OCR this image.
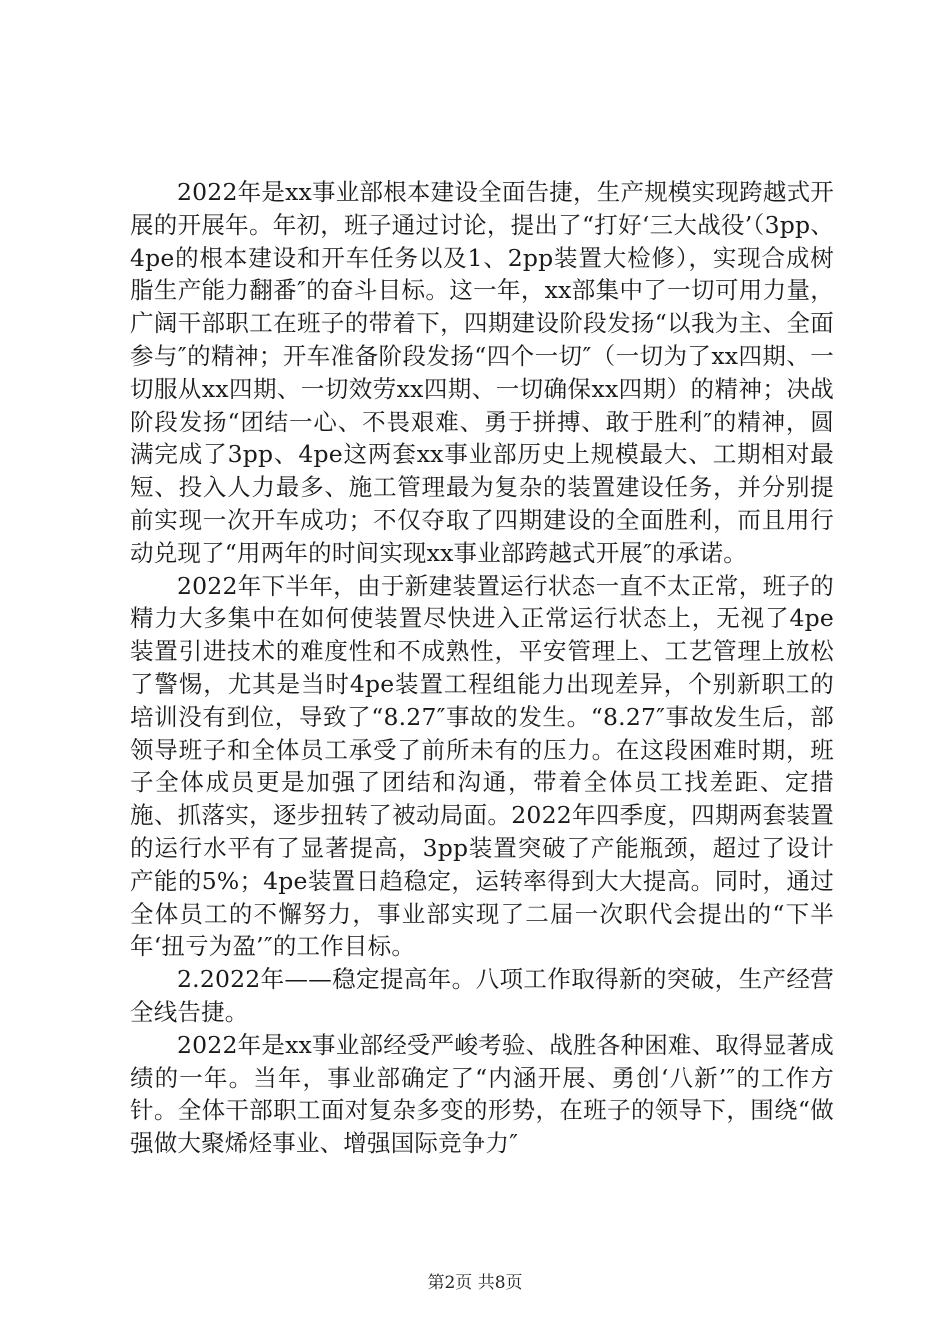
2022年是xx事业部根本建设全面告捷，生产规模实现跨越式开展的开展年。年初，班子通过讨论，提出了“打好‘三大战役’（3pp、4pe的根本建设和开车任务以及1、2pp装置大检修），实现合成树脂生产能力翻番″的奋斗目标。这一年，xx部集中了一切可用力量，广阔干部职工在班子的带着下，四期建设阶段发扬“以我为主、全面参与″的精神；开车准备阶段发扬“四个一切″（一切为了xx四期、一切服从xx四期、一切效劳xx四期、一切确保xx四期）的精神；决战阶段发扬“团结一心、不畏艰难、勇于拼搏、敢于胜利″的精神，圆满完成了3pp、4pe这两套xx事业部历史上规模最大、工期相对最短、投入人力最多、施工管理最为复杂的装置建设任务，并分别提前实现一次开车成功；不仅夺取了四期建设的全面胜利，而且用行动兑现了“用两年的时间实现xx事业部跨越式开展″的承诺。

2022年下半年，由于新建装置运行状态一直不太正常，班子的精力大多集中在如何使装置尽快进入正常运行状态上，无视了4pe装置引进技术的难度性和不成熟性，平安管理上、工艺管理上放松了警惕，尤其是当时4pe装置工程组能力出现差异，个别新职工的培训没有到位，导致了“8.27″事故的发生。“8.27″事故发生后，部领导班子和全体员工承受了前所未有的压力。在这段困难时期，班子全体成员更是加强了团结和沟通，带着全体员工找差距、定措施、抓落实，逐步扭转了被动局面。2022年四季度，四期两套装置的运行水平有了显著提高，3pp装置突破了产能瓶颈，超过了设计产能的5%；4pe装置日趋稳定，运转率得到大大提高。同时，通过全体员工的不懈努力，事业部实现了二届一次职代会提出的“下半年‘扭亏为盈’″的工作目标。

2.2022年——稳定提高年。八项工作取得新的突破，生产经营全线告捷。

2022年是xx事业部经受严峻考验、战胜各种困难、取得显著成绩的一年。当年，事业部确定了“内涵开展、勇创‘八新’″的工作方针。全体干部职工面对复杂多变的形势，在班子的领导下，围绕“做强做大聚烯烃事业、增强国际竞争力″

第2页 共8页
